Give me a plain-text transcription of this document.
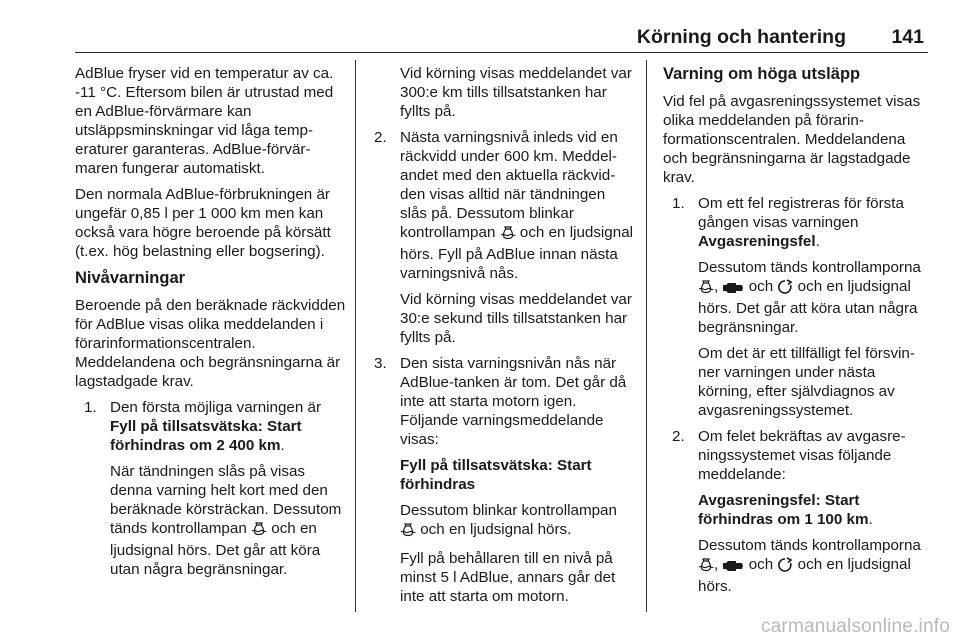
Körning och hantering 141

AdBlue fryser vid en temperatur av ca. -11 °C. Eftersom bilen är utrustad med en AdBlue-förvärmare kan utsläppsminskningar vid låga temperaturer garanteras. AdBlue-förvärmaren fungerar automatiskt.

Den normala AdBlue-förbrukningen är ungefär 0,85 l per 1 000 km men kan också vara högre beroende på körsätt (t.ex. hög belastning eller bogsering).

Nivåvarningar

Beroende på den beräknade räckvidden för AdBlue visas olika meddelanden i förarinformationscentralen. Meddelandena och begränsningarna är lagstadgade krav.

1. Den första möjliga varningen är Fyll på tillsatsvätska: Start förhindras om 2 400 km.

När tändningen slås på visas denna varning helt kort med den beräknade körsträckan. Dessutom tänds kontrollampan och en ljudsignal hörs. Det går att köra utan några begränsningar.

Vid körning visas meddelandet var 300:e km tills tillsatstanken har fyllts på.

2. Nästa varningsnivå inleds vid en räckvidd under 600 km. Meddelandet med den aktuella räckvidden visas alltid när tändningen slås på. Dessutom blinkar kontrollampan och en ljudsignal hörs. Fyll på AdBlue innan nästa varningsnivå nås.

Vid körning visas meddelandet var 30:e sekund tills tillsatstanken har fyllts på.

3. Den sista varningsnivån nås när AdBlue-tanken är tom. Det går då inte att starta motorn igen. Följande varningsmeddelande visas:

Fyll på tillsatsvätska: Start förhindras

Dessutom blinkar kontrollampan  och en ljudsignal hörs.

Fyll på behållaren till en nivå på minst 5 l AdBlue, annars går det inte att starta om motorn.

Varning om höga utsläpp

Vid fel på avgasreningssystemet visas olika meddelanden på förarinformationscentralen. Meddelandena och begränsningarna är lagstadgade krav.

1. Om ett fel registreras för första gången visas varningen Avgasreningsfel.

Dessutom tänds kontrollamporna , och och en ljudsignal hörs. Det går att köra utan några begränsningar.

Om det är ett tillfälligt fel försvinner varningen under nästa körning, efter självdiagnos av avgasreningssystemet.

2. Om felet bekräftas av avgasreningssystemet visas följande meddelande:

Avgasreningsfel: Start förhindras om 1 100 km.

Dessutom tänds kontrollamporna , och och en ljudsignal hörs.

carmanualsonline.info
